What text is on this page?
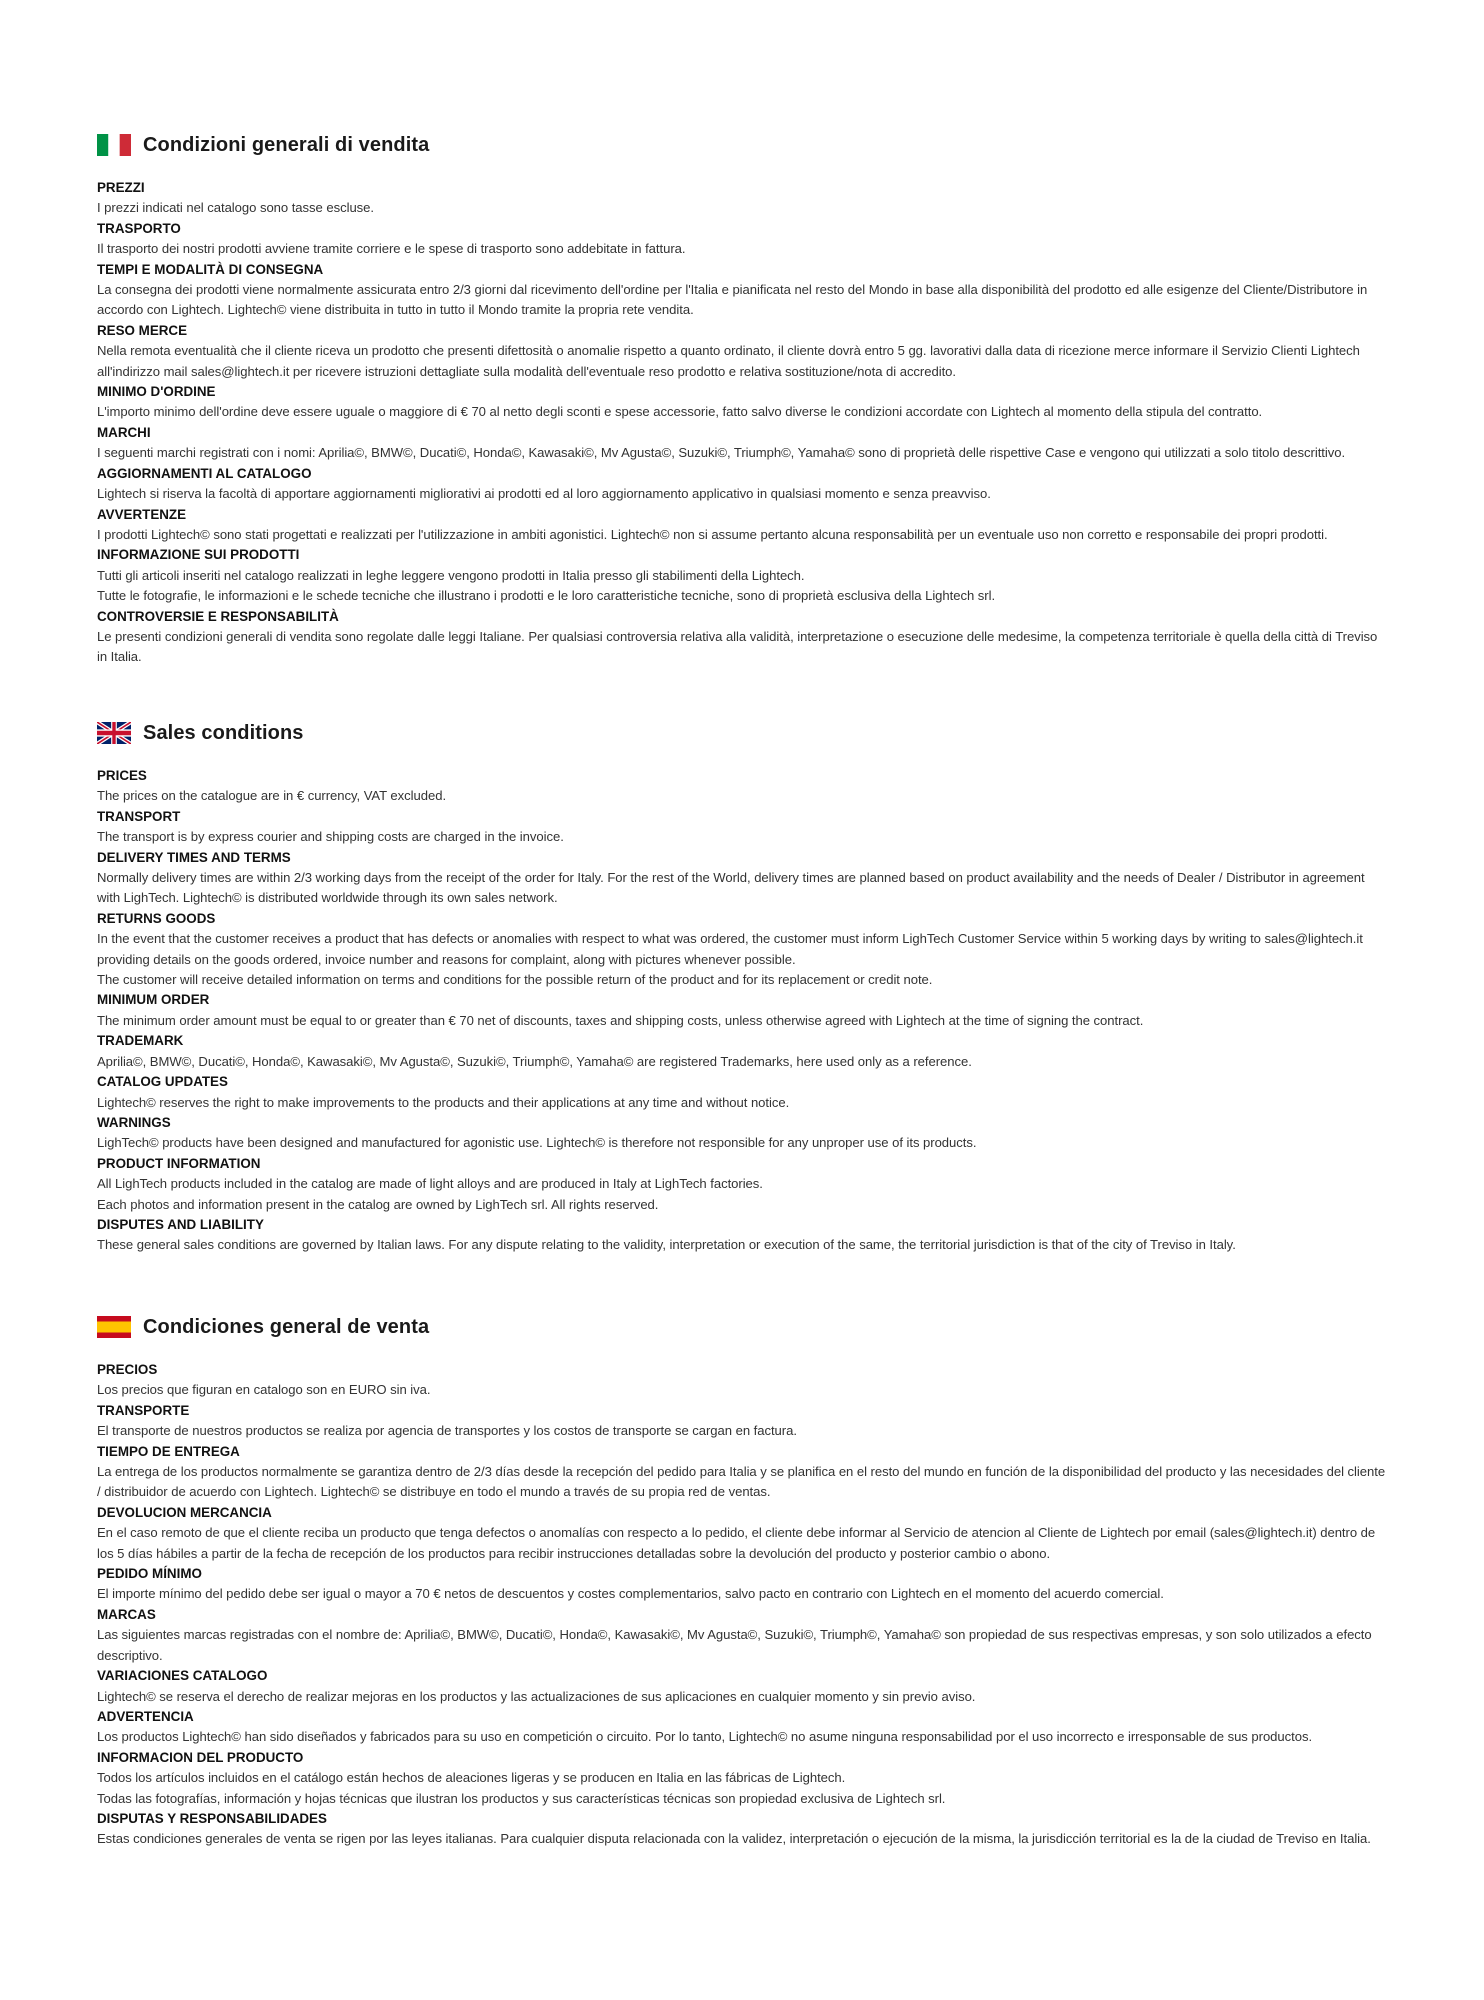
Condizioni generali di vendita
PREZZI
I prezzi indicati nel catalogo sono tasse escluse.
TRASPORTO
Il trasporto dei nostri prodotti avviene tramite corriere e le spese di trasporto sono addebitate in fattura.
TEMPI E MODALITÀ DI CONSEGNA
La consegna dei prodotti viene normalmente assicurata entro 2/3 giorni dal ricevimento dell'ordine per l'Italia e pianificata nel resto del Mondo in base alla disponibilità del prodotto ed alle esigenze del Cliente/Distributore in accordo con Lightech. Lightech© viene distribuita in tutto in tutto il Mondo tramite la propria rete vendita.
RESO MERCE
Nella remota eventualità che il cliente riceva un prodotto che presenti difettosità o anomalie rispetto a quanto ordinato, il cliente dovrà entro 5 gg. lavorativi dalla data di ricezione merce informare il Servizio Clienti Lightech all'indirizzo mail sales@lightech.it per ricevere istruzioni dettagliate sulla modalità dell'eventuale reso prodotto e relativa sostituzione/nota di accredito.
MINIMO D'ORDINE
L'importo minimo dell'ordine deve essere uguale o maggiore di € 70 al netto degli sconti e spese accessorie, fatto salvo diverse le condizioni accordate con Lightech al momento della stipula del contratto.
MARCHI
I seguenti marchi registrati con i nomi: Aprilia©, BMW©, Ducati©, Honda©, Kawasaki©, Mv Agusta©, Suzuki©, Triumph©, Yamaha© sono di proprietà delle rispettive Case e vengono qui utilizzati a solo titolo descrittivo.
AGGIORNAMENTI AL CATALOGO
Lightech si riserva la facoltà di apportare aggiornamenti migliorativi ai prodotti ed al loro aggiornamento applicativo in qualsiasi momento e senza preavviso.
AVVERTENZE
I prodotti Lightech© sono stati progettati e realizzati per l'utilizzazione in ambiti agonistici. Lightech© non si assume pertanto alcuna responsabilità per un eventuale uso non corretto e responsabile dei propri prodotti.
INFORMAZIONE SUI PRODOTTI
Tutti gli articoli inseriti nel catalogo realizzati in leghe leggere vengono prodotti in Italia presso gli stabilimenti della Lightech.
Tutte le fotografie, le informazioni e le schede tecniche che illustrano i prodotti e le loro caratteristiche tecniche, sono di proprietà esclusiva della Lightech srl.
CONTROVERSIE E RESPONSABILITÀ
Le presenti condizioni generali di vendita sono regolate dalle leggi Italiane. Per qualsiasi controversia relativa alla validità, interpretazione o esecuzione delle medesime, la competenza territoriale è quella della città di Treviso in Italia.
Sales conditions
PRICES
The prices on the catalogue are in € currency, VAT excluded.
TRANSPORT
The transport is by express courier and shipping costs are charged in the invoice.
DELIVERY TIMES AND TERMS
Normally delivery times are within 2/3 working days from the receipt of the order for Italy. For the rest of the World, delivery times are planned based on product availability and the needs of Dealer / Distributor in agreement with LighTech. Lightech© is distributed worldwide through its own sales network.
RETURNS GOODS
In the event that the customer receives a product that has defects or anomalies with respect to what was ordered, the customer must inform LighTech Customer Service within 5 working days by writing to sales@lightech.it providing details on the goods ordered, invoice number and reasons for complaint, along with pictures whenever possible.
The customer will receive detailed information on terms and conditions for the possible return of the product and for its replacement or credit note.
MINIMUM ORDER
The minimum order amount must be equal to or greater than € 70 net of discounts, taxes and shipping costs, unless otherwise agreed with Lightech at the time of signing the contract.
TRADEMARK
Aprilia©, BMW©, Ducati©, Honda©, Kawasaki©, Mv Agusta©, Suzuki©, Triumph©, Yamaha© are registered Trademarks, here used only as a reference.
CATALOG UPDATES
Lightech© reserves the right to make improvements to the products and their applications at any time and without notice.
WARNINGS
LighTech© products have been designed and manufactured for agonistic use. Lightech© is therefore not responsible for any unproper use of its products.
PRODUCT INFORMATION
All LighTech products included in the catalog are made of light alloys and are produced in Italy at LighTech factories.
Each photos and information present in the catalog are owned by LighTech srl. All rights reserved.
DISPUTES AND LIABILITY
These general sales conditions are governed by Italian laws. For any dispute relating to the validity, interpretation or execution of the same, the territorial jurisdiction is that of the city of Treviso in Italy.
Condiciones general de venta
PRECIOS
Los precios que figuran en catalogo son en EURO sin iva.
TRANSPORTE
El transporte de nuestros productos se realiza por agencia de transportes y los costos de transporte se cargan en factura.
TIEMPO DE ENTREGA
La entrega de los productos normalmente se garantiza dentro de 2/3 días desde la recepción del pedido para Italia y se planifica en el resto del mundo en función de la disponibilidad del producto y las necesidades del cliente / distribuidor de acuerdo con Lightech. Lightech© se distribuye en todo el mundo a través de su propia red de ventas.
DEVOLUCION MERCANCIA
En el caso remoto de que el cliente reciba un producto que tenga defectos o anomalías con respecto a lo pedido, el cliente debe informar al Servicio de atencion al Cliente de Lightech por email (sales@lightech.it) dentro de los 5 días hábiles a partir de la fecha de recepción de los productos para recibir instrucciones detalladas sobre la devolución del producto y posterior cambio o abono.
PEDIDO MÍNIMO
El importe mínimo del pedido debe ser igual o mayor a 70 € netos de descuentos y costes complementarios, salvo pacto en contrario con Lightech en el momento del acuerdo comercial.
MARCAS
Las siguientes marcas registradas con el nombre de: Aprilia©, BMW©, Ducati©, Honda©, Kawasaki©, Mv Agusta©, Suzuki©, Triumph©, Yamaha© son propiedad de sus respectivas empresas, y son solo utilizados a efecto descriptivo.
VARIACIONES CATALOGO
Lightech© se reserva el derecho de realizar mejoras en los productos y las actualizaciones de sus aplicaciones en cualquier momento y sin previo aviso.
ADVERTENCIA
Los productos Lightech© han sido diseñados y fabricados para su uso en competición o circuito. Por lo tanto, Lightech© no asume ninguna responsabilidad por el uso incorrecto e irresponsable de sus productos.
INFORMACION DEL PRODUCTO
Todos los artículos incluidos en el catálogo están hechos de aleaciones ligeras y se producen en Italia en las fábricas de Lightech.
Todas las fotografías, información y hojas técnicas que ilustran los productos y sus características técnicas son propiedad exclusiva de Lightech srl.
DISPUTAS Y RESPONSABILIDADES
Estas condiciones generales de venta se rigen por las leyes italianas. Para cualquier disputa relacionada con la validez, interpretación o ejecución de la misma, la jurisdicción territorial es la de la ciudad de Treviso en Italia.
